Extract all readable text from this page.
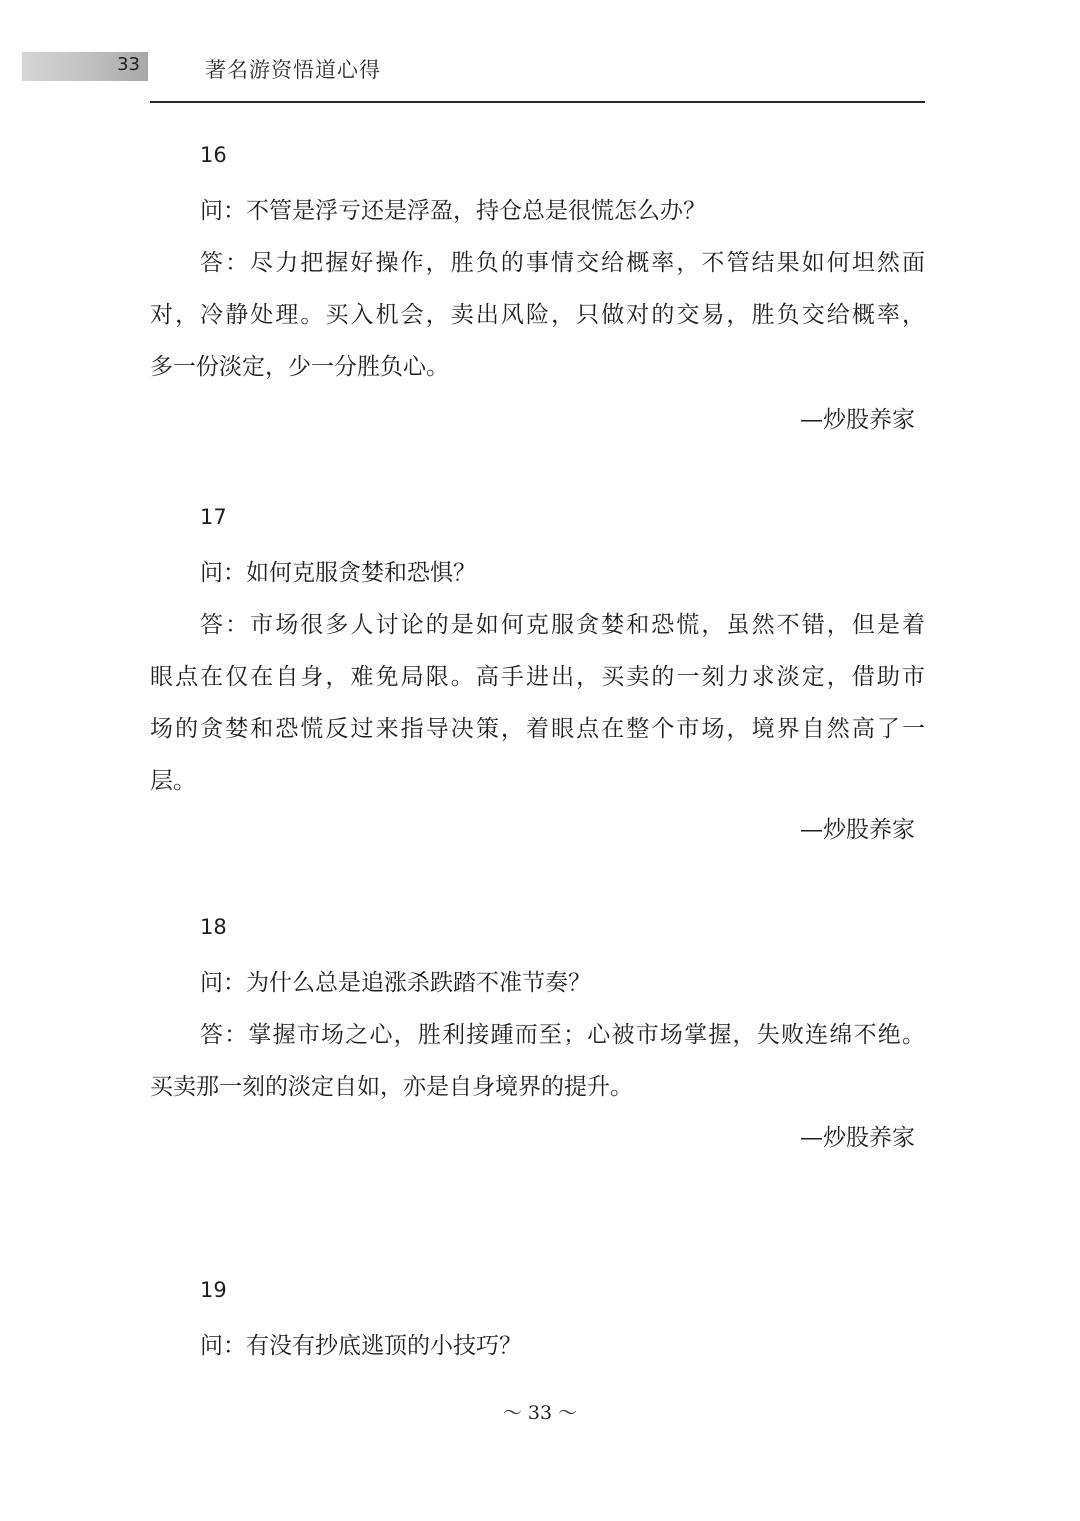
33	著名游资悟道心得
16
问：不管是浮亏还是浮盈，持仓总是很慌怎么办？
答：尽力把握好操作，胜负的事情交给概率，不管结果如何坦然面
对，冷静处理。买入机会，卖出风险，只做对的交易，胜负交给概率，
多一份淡定，少一分胜负心。
—炒股养家
17
问：如何克服贪婪和恐惧？
答：市场很多人讨论的是如何克服贪婪和恐慌，虽然不错，但是着
眼点在仅在自身，难免局限。高手进出，买卖的一刻力求淡定，借助市
场的贪婪和恐慌反过来指导决策，着眼点在整个市场，境界自然高了一
层。
—炒股养家
18
问：为什么总是追涨杀跌踏不准节奏？
答：掌握市场之心，胜利接踵而至；心被市场掌握，失败连绵不绝。
买卖那一刻的淡定自如，亦是自身境界的提升。
—炒股养家
19
问：有没有抄底逃顶的小技巧？
～ 33 ～
